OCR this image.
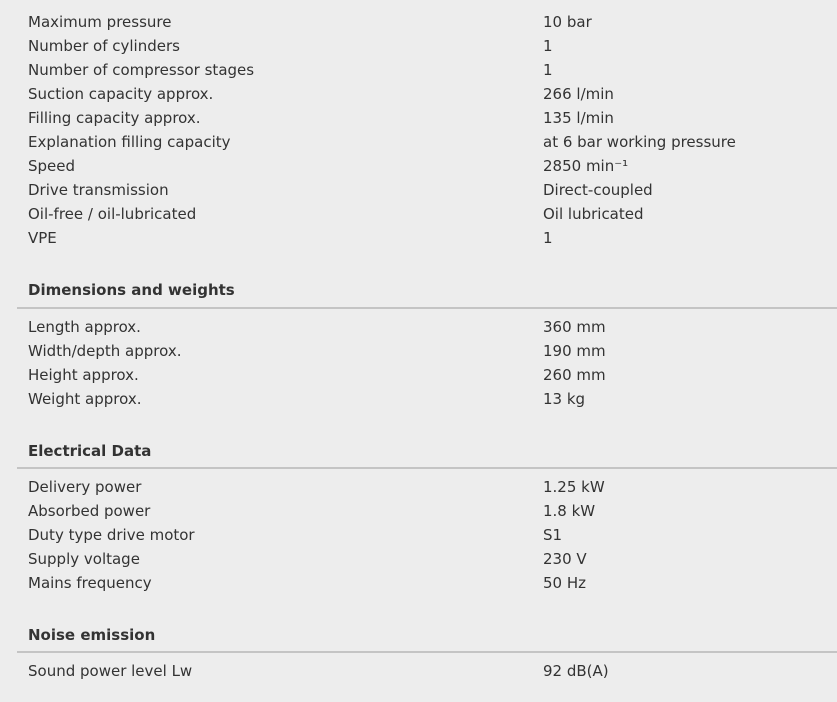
Maximum pressure	10 bar
Number of cylinders	1
Number of compressor stages	1
Suction capacity approx.	266 l/min
Filling capacity approx.	135 l/min
Explanation filling capacity	at 6 bar working pressure
Speed	2850 min⁻¹
Drive transmission	Direct-coupled
Oil-free / oil-lubricated	Oil lubricated
VPE	1
Dimensions and weights
Length approx.	360 mm
Width/depth approx.	190 mm
Height approx.	260 mm
Weight approx.	13 kg
Electrical Data
Delivery power	1.25 kW
Absorbed power	1.8 kW
Duty type drive motor	S1
Supply voltage	230 V
Mains frequency	50 Hz
Noise emission
Sound power level Lw	92 dB(A)
